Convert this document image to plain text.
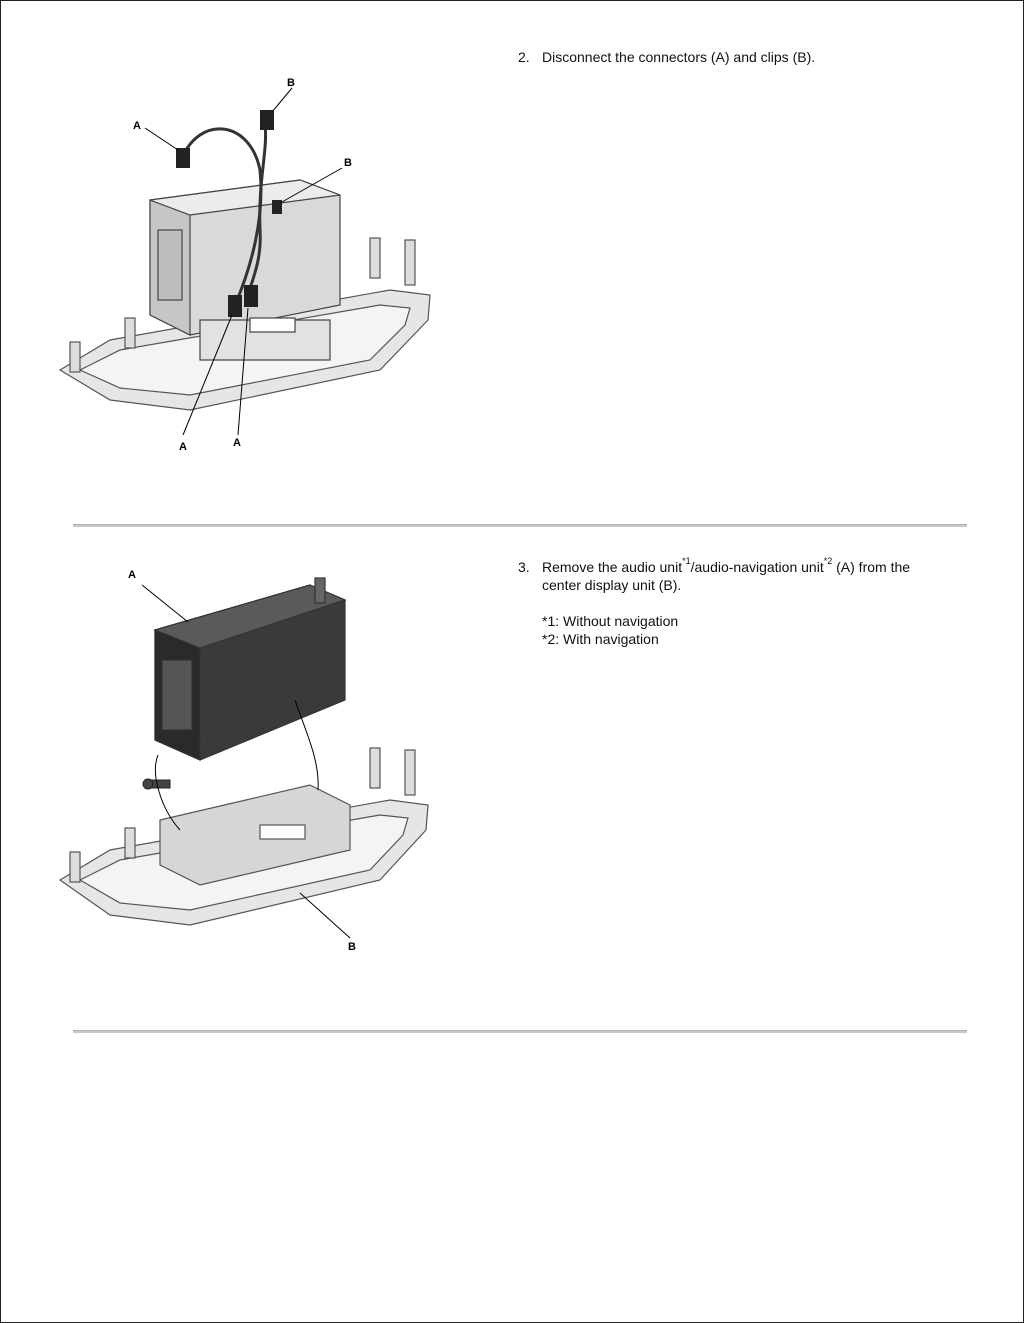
A
B
B
A	A
2. Disconnect the connectors (A) and clips (B).
A
B
3. Remove the audio unit$^{*1}$/audio-navigation unit$^{*2}$ (A) from the center display unit (B).
*1: Without navigation
*2: With navigation
